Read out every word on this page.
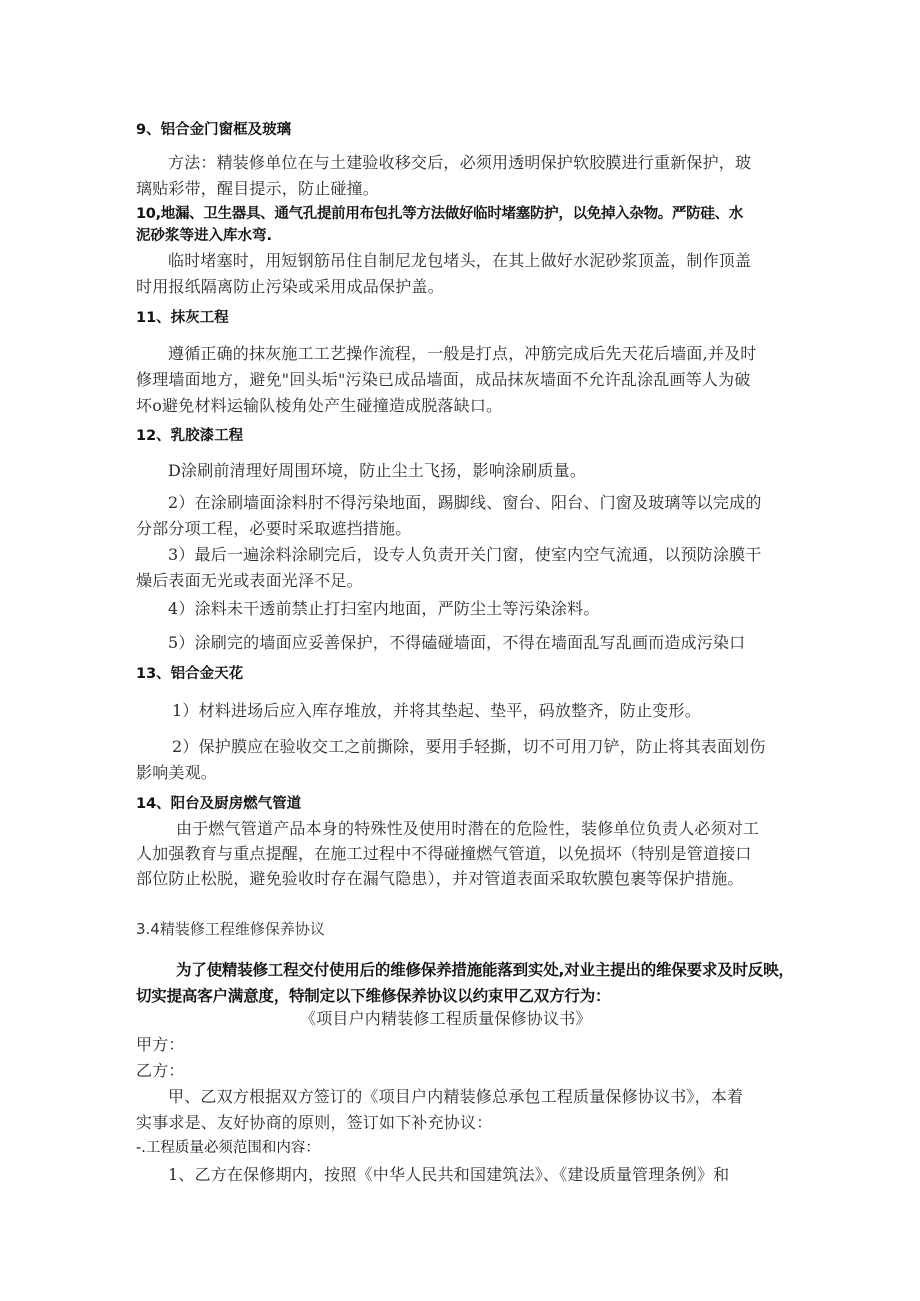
9、铝合金门窗框及玻璃

方法：精装修单位在与土建验收移交后，必须用透明保护软胶膜进行重新保护，玻

璃贴彩带，醒目提示，防止碰撞。

10,地漏、卫生器具、通气孔提前用布包扎等方法做好临时堵塞防护，以免掉入杂物。严防硅、水

泥砂浆等进入库水弯.

临时堵塞时，用短钢筋吊住自制尼龙包堵头，在其上做好水泥砂浆顶盖，制作顶盖

时用报纸隔离防止污染或采用成品保护盖。

11、抹灰工程

遵循正确的抹灰施工工艺操作流程，一般是打点，冲筋完成后先天花后墙面,并及时

修理墙面地方，避免"回头垢"污染已成品墙面，成品抹灰墙面不允许乱涂乱画等人为破

坏o避免材料运输队棱角处产生碰撞造成脱落缺口。

12、乳胶漆工程

D涂刷前清理好周围环境，防止尘土飞扬，影响涂刷质量。

2）在涂刷墙面涂料肘不得污染地面，踢脚线、窗台、阳台、门窗及玻璃等以完成的

分部分项工程，必要时采取遮挡措施。

3）最后一遍涂料涂刷完后，设专人负责开关门窗，使室内空气流通，以预防涂膜干

燥后表面无光或表面光泽不足。

4）涂料未干透前禁止打扫室内地面，严防尘土等污染涂料。

5）涂刷完的墙面应妥善保护，不得磕碰墙面，不得在墙面乱写乱画而造成污染口

13、铝合金天花

1）材料进场后应入库存堆放，并将其垫起、垫平，码放整齐，防止变形。

2）保护膜应在验收交工之前撕除，要用手轻撕，切不可用刀铲，防止将其表面划伤

影响美观。

14、阳台及厨房燃气管道

由于燃气管道产品本身的特殊性及使用时潜在的危险性，装修单位负责人必须对工

人加强教育与重点提醒，在施工过程中不得碰撞燃气管道，以免损坏（特别是管道接口

部位防止松脱，避免验收时存在漏气隐患），并对管道表面采取软膜包裹等保护措施。

3.4精装修工程维修保养协议

为了使精装修工程交付使用后的维修保养措施能落到实处,对业主提出的维保要求及时反映，

切实提高客户满意度，特制定以下维修保养协议以约束甲乙双方行为：

《项目户内精装修工程质量保修协议书》

甲方：

乙方：

甲、乙双方根据双方签订的《项目户内精装修总承包工程质量保修协议书》，本着

实事求是、友好协商的原则，签订如下补充协议：

-.工程质量必须范围和内容：

1、乙方在保修期内，按照《中华人民共和国建筑法》、《建设质量管理条例》和
